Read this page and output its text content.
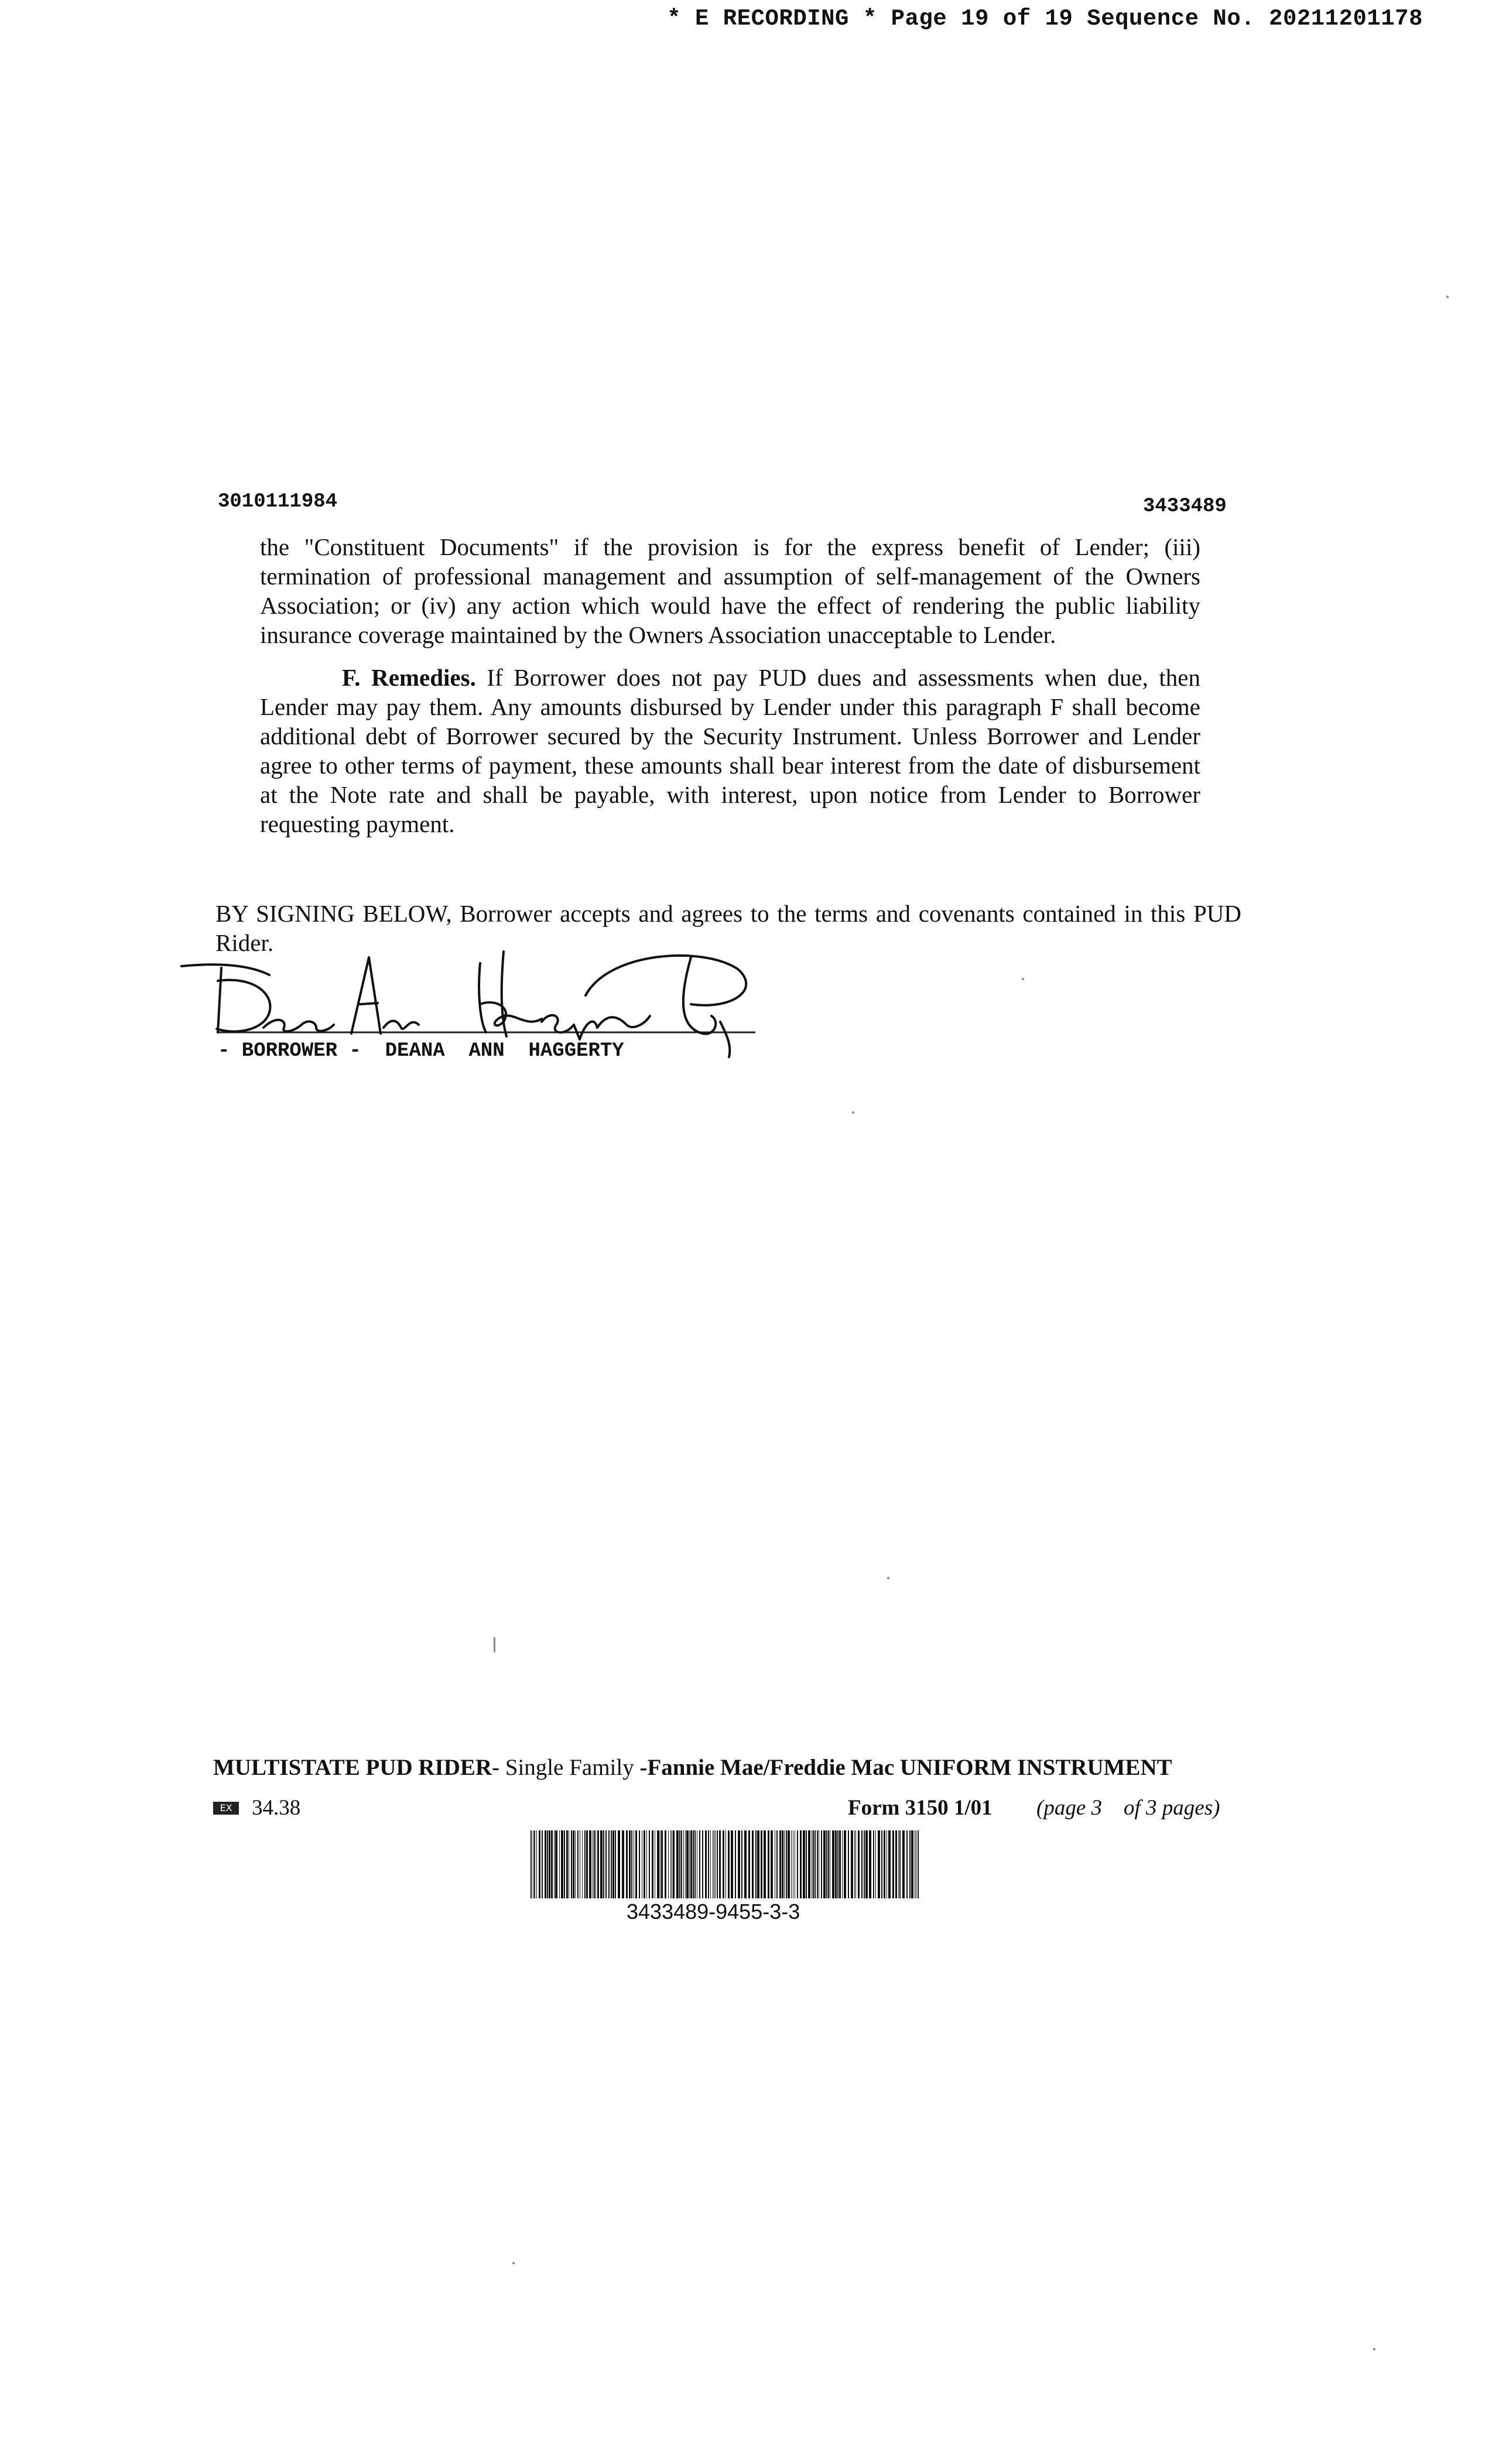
* E RECORDING * Page 19 of 19 Sequence No. 20211201178
3010111984	3433489

the "Constituent Documents" if the provision is for the express benefit of Lender; (iii) termination of professional management and assumption of self-management of the Owners Association; or (iv) any action which would have the effect of rendering the public liability insurance coverage maintained by the Owners Association unacceptable to Lender.

F. Remedies. If Borrower does not pay PUD dues and assessments when due, then Lender may pay them. Any amounts disbursed by Lender under this paragraph F shall become additional debt of Borrower secured by the Security Instrument. Unless Borrower and Lender agree to other terms of payment, these amounts shall bear interest from the date of disbursement at the Note rate and shall be payable, with interest, upon notice from Lender to Borrower requesting payment.

BY SIGNING BELOW, Borrower accepts and agrees to the terms and covenants contained in this PUD Rider.

- BORROWER -  DEANA  ANN  HAGGERTY
MULTISTATE PUD RIDER- Single Family -Fannie Mae/Freddie Mac UNIFORM INSTRUMENT
EX 34.38	Form 3150 1/01 (page 3    of 3 pages)
3433489-9455-3-3
